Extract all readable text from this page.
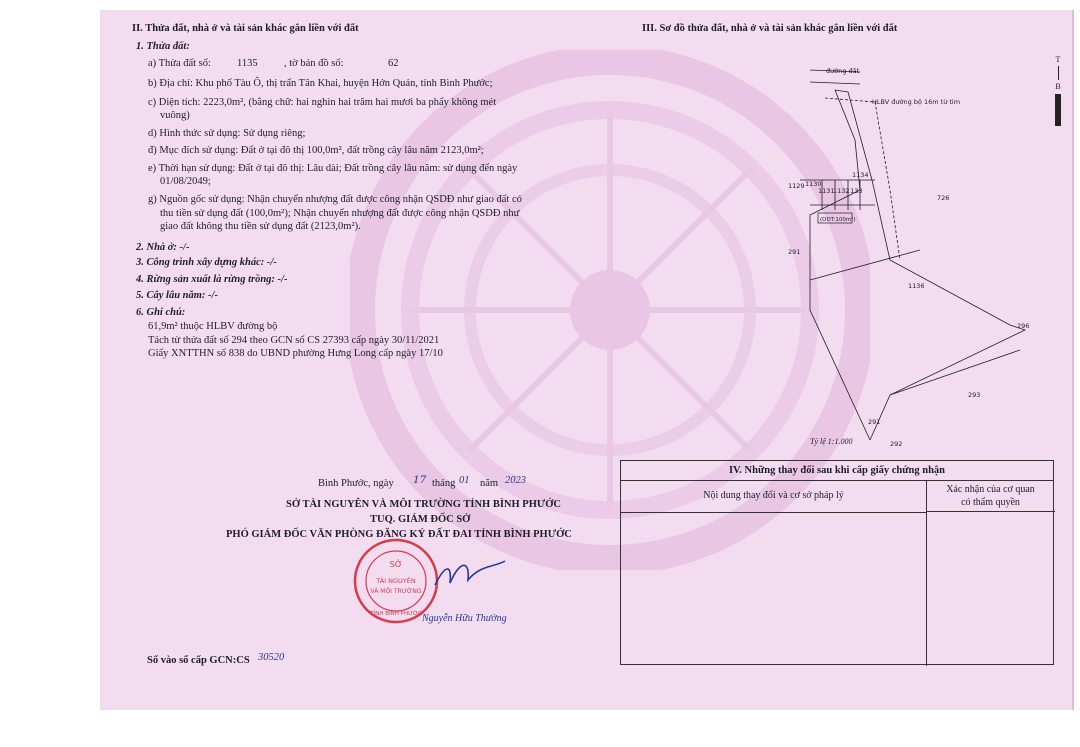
II. Thửa đất, nhà ở và tài sản khác gắn liền với đất
1. Thửa đất:
a) Thửa đất số: 1135	, tờ bản đồ số:	62
b) Địa chỉ: Khu phố Tàu Ô, thị trấn Tân Khai, huyện Hớn Quản, tỉnh Bình Phước;
c) Diện tích: 2223,0m², (bằng chữ: hai nghìn hai trăm hai mươi ba phẩy không mét
vuông)
d) Hình thức sử dụng: Sử dụng riêng;
đ) Mục đích sử dụng: Đất ở tại đô thị 100,0m², đất trồng cây lâu năm 2123,0m²;
e) Thời hạn sử dụng: Đất ở tại đô thị: Lâu dài; Đất trồng cây lâu năm: sử dụng đến ngày
01/08/2049;
g) Nguồn gốc sử dụng: Nhận chuyển nhượng đất được công nhận QSDĐ như giao đất có
thu tiền sử dụng đất (100,0m²); Nhận chuyển nhượng đất được công nhận QSDĐ như
giao đất không thu tiền sử dụng đất (2123,0m²).
2. Nhà ở: -/-
3. Công trình xây dựng khác: -/-
4. Rừng sản xuất là rừng trồng: -/-
5. Cây lâu năm: -/-
6. Ghi chú:
61,9m² thuộc HLBV đường bộ
Tách từ thửa đất số 294 theo GCN số CS 27393 cấp ngày 30/11/2021
Giấy XNTTHN số 838 do UBND phường Hưng Long cấp ngày 17/10
Bình Phước, ngày 17 tháng 01 năm 2023
SỞ TÀI NGUYÊN VÀ MÔI TRƯỜNG TỈNH BÌNH PHƯỚC
TUQ. GIÁM ĐỐC SỞ
PHÓ GIÁM ĐỐC VĂN PHÒNG ĐĂNG KÝ ĐẤT ĐAI TỈNH BÌNH PHƯỚC
SỞ
TÀI NGUYÊN
VÀ MÔI TRƯỜNG
TỈNH BÌNH PHƯỚC Nguyễn Hữu Thường
Số vào sổ cấp GCN:CS 30520
III. Sơ đồ thửa đất, nhà ở và tài sản khác gắn liền với đất
T
B
đường đất
HLBV đường bộ 16m từ tim
1129 1130
1131
1132
1133
1134
(ODT:100m²)
291
1136
296
293
291
292
726
Tỷ lệ 1:1.000
IV. Những thay đổi sau khi cấp giấy chứng nhận
Nội dung thay đổi và cơ sở pháp lý
Xác nhận của cơ quan
có thẩm quyền
